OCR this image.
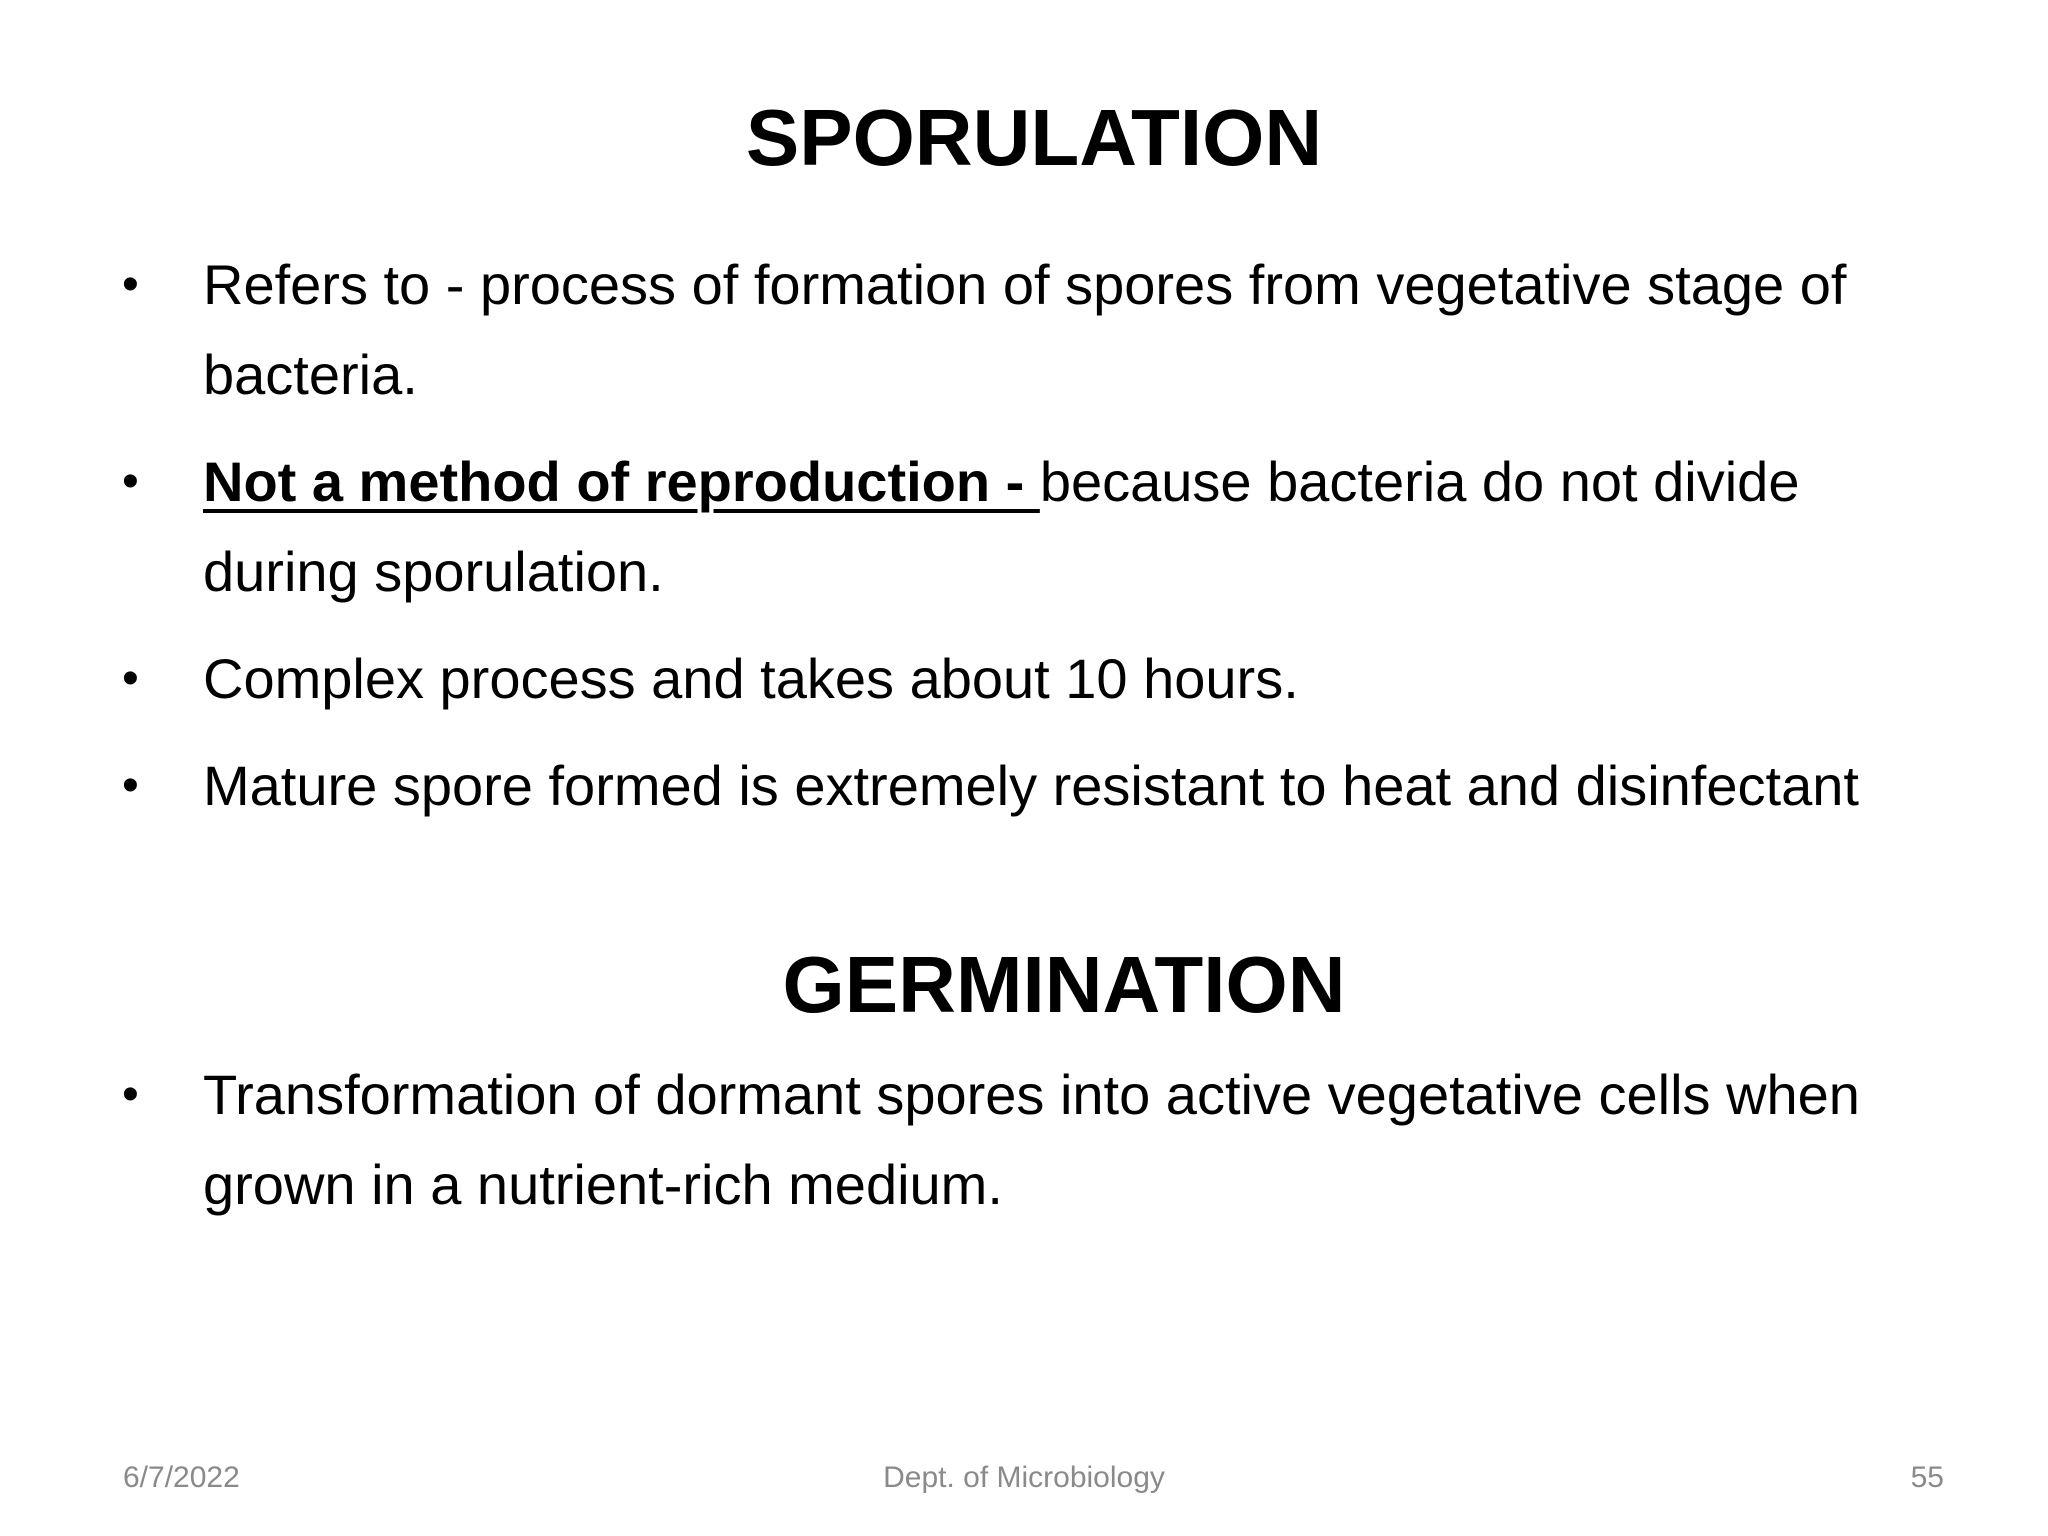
SPORULATION
• Refers to - process of formation of spores from vegetative stage of bacteria.
• Not a method of reproduction - because bacteria do not divide during sporulation.
• Complex process and takes about 10 hours.
• Mature spore formed is extremely resistant to heat and disinfectant
GERMINATION
• Transformation of dormant spores into active vegetative cells when grown in a nutrient-rich medium.
6/7/2022	Dept. of Microbiology	55
